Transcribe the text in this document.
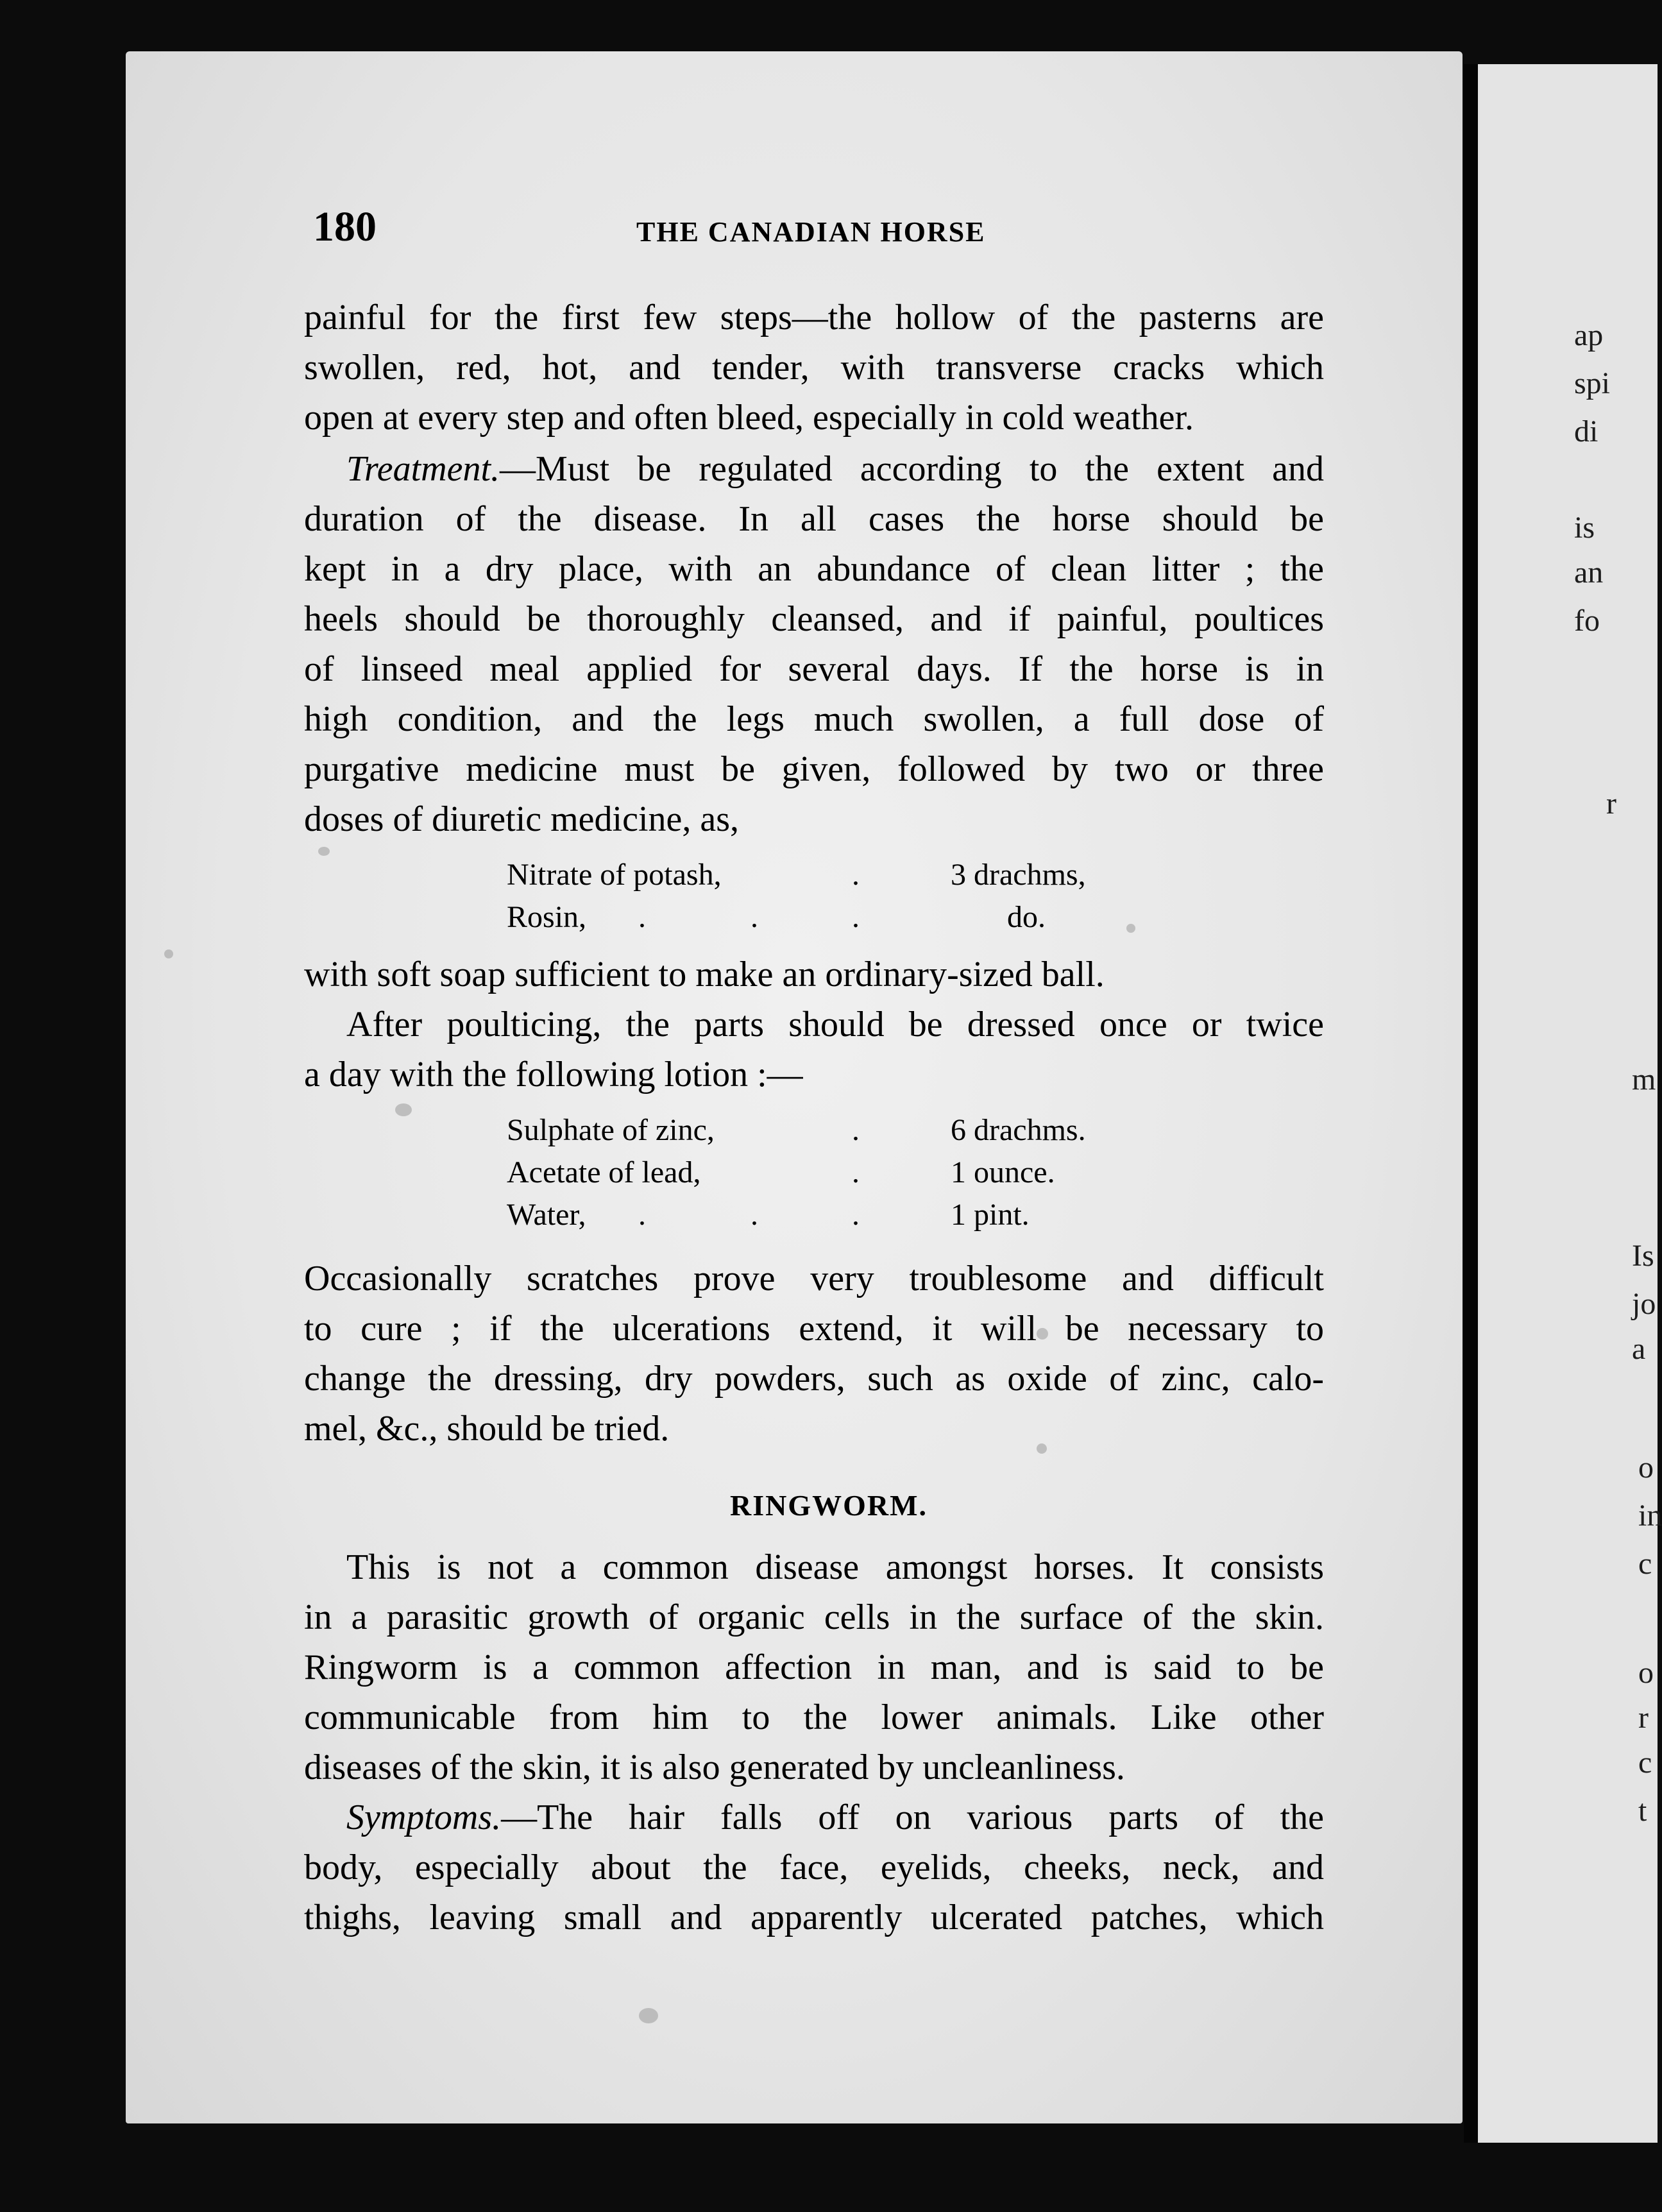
ap
spi
di
is
an
fo
r
m
Is
jo
a
o
in
c
o
r
c
t
180	THE CANADIAN HORSE
painful for the first few steps—the hollow of the pasterns are
swollen, red, hot, and tender, with transverse cracks which
open at every step and often bleed, especially in cold weather.
Treatment.—Must be regulated according to the extent and
duration of the disease. In all cases the horse should be
kept in a dry place, with an abundance of clean litter ; the
heels should be thoroughly cleansed, and if painful, poultices
of linseed meal applied for several days. If the horse is in
high condition, and the legs much swollen, a full dose of
purgative medicine must be given, followed by two or three
doses of diuretic medicine, as,
Nitrate of potash,	.	3 drachms,
Rosin, .	.	.	do.
with soft soap sufficient to make an ordinary-sized ball.
After poulticing, the parts should be dressed once or twice
a day with the following lotion :—
Sulphate of zinc,	.	6 drachms.
Acetate of lead,	.	1 ounce.
Water, .	.	.	1 pint.
Occasionally scratches prove very troublesome and difficult
to cure ; if the ulcerations extend, it will be necessary to
change the dressing, dry powders, such as oxide of zinc, calo-
mel, &c., should be tried.
RINGWORM.
This is not a common disease amongst horses. It consists
in a parasitic growth of organic cells in the surface of the skin.
Ringworm is a common affection in man, and is said to be
communicable from him to the lower animals. Like other
diseases of the skin, it is also generated by uncleanliness.
Symptoms.—The hair falls off on various parts of the
body, especially about the face, eyelids, cheeks, neck, and
thighs, leaving small and apparently ulcerated patches, which
